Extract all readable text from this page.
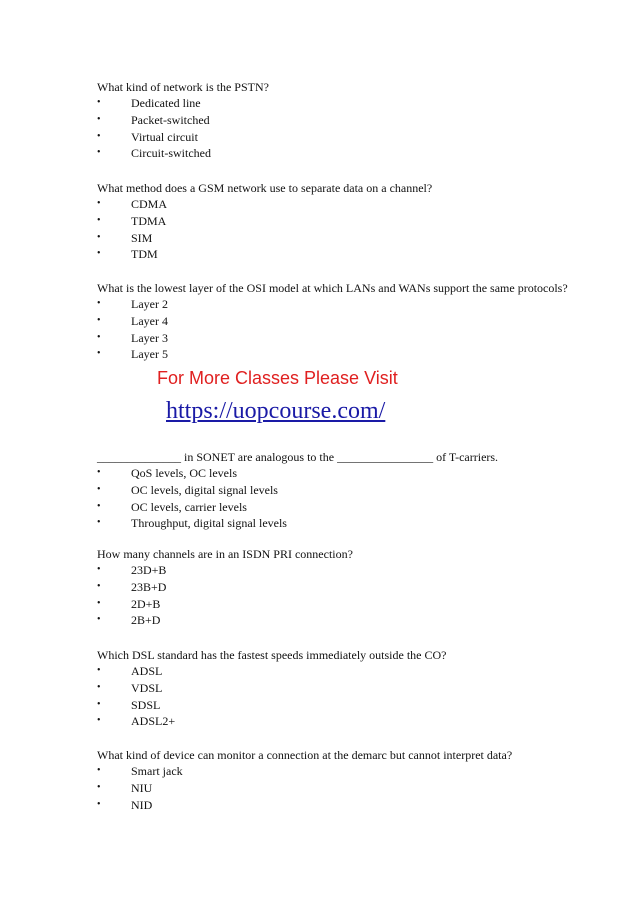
What kind of network is the PSTN?
•	Dedicated line
•	Packet-switched
•	Virtual circuit
•	Circuit-switched
What method does a GSM network use to separate data on a channel?
•	CDMA
•	TDMA
•	SIM
•	TDM
What is the lowest layer of the OSI model at which LANs and WANs support the same protocols?
•	Layer 2
•	Layer 4
•	Layer 3
•	Layer 5
For More Classes Please Visit
https://uopcourse.com/
______________ in SONET are analogous to the ________________ of T-carriers.
•	QoS levels, OC levels
•	OC levels, digital signal levels
•	OC levels, carrier levels
•	Throughput, digital signal levels
How many channels are in an ISDN PRI connection?
•	23D+B
•	23B+D
•	2D+B
•	2B+D
Which DSL standard has the fastest speeds immediately outside the CO?
•	ADSL
•	VDSL
•	SDSL
•	ADSL2+
What kind of device can monitor a connection at the demarc but cannot interpret data?
•	Smart jack
•	NIU
•	NID
